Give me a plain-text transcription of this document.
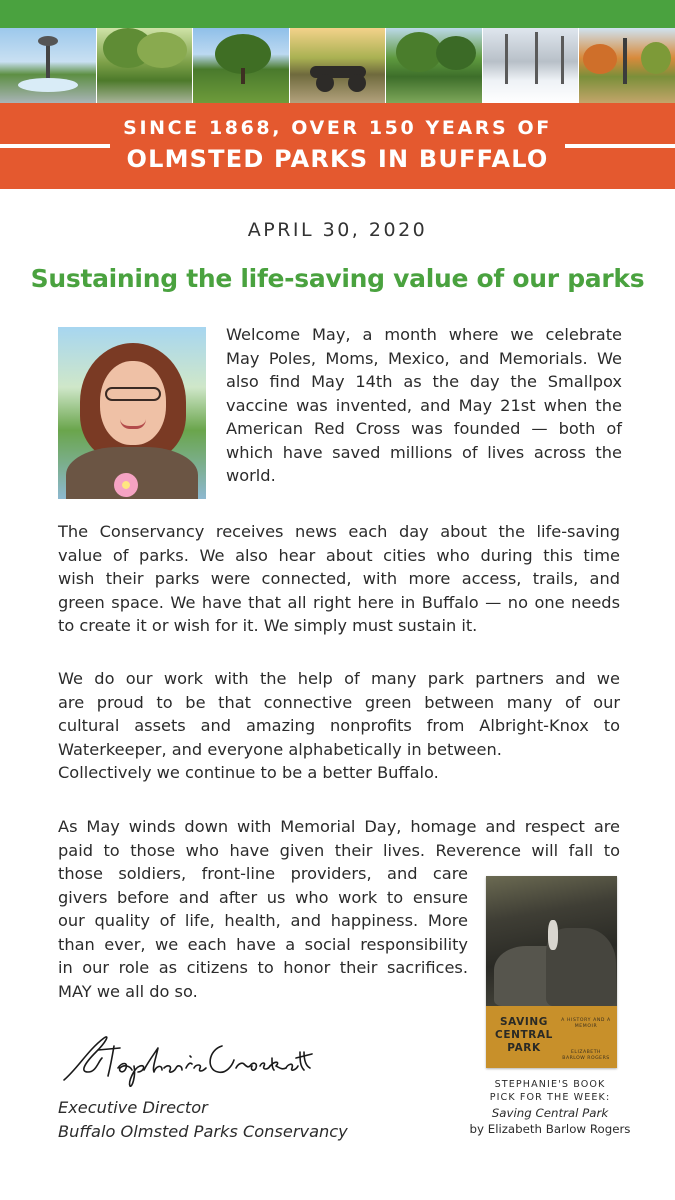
SINCE 1868, OVER 150 YEARS OF
OLMSTED PARKS IN BUFFALO
APRIL 30, 2020
Sustaining the life-saving value of our parks
Welcome May, a month where we celebrate
May Poles, Moms, Mexico, and Memorials. We
also find May 14th as the day the Smallpox
vaccine was invented, and May 21st when the
American Red Cross was founded — both of
which have saved millions of lives across the
world.
The Conservancy receives news each day about the life-saving
value of parks. We also hear about cities who during this time
wish their parks were connected, with more access, trails, and
green space. We have that all right here in Buffalo — no one needs
to create it or wish for it. We simply must sustain it.
We do our work with the help of many park partners and we
are proud to be that connective green between many of our
cultural assets and amazing nonprofits from Albright-Knox to
Waterkeeper, and everyone alphabetically in between.
Collectively we continue to be a better Buffalo.
As May winds down with Memorial Day, homage and respect are
paid to those who have given their lives. Reverence will fall to
those soldiers, front-line providers, and care
givers before and after us who work to ensure
our quality of life, health, and happiness. More
than ever, we each have a social responsibility
in our role as citizens to honor their sacrifices.
MAY we all do so.
SAVING CENTRAL PARK
A HISTORY AND A MEMOIR
ELIZABETH BARLOW ROGERS
STEPHANIE'S BOOK
PICK FOR THE WEEK:
Saving Central Park
by Elizabeth Barlow Rogers
Executive Director
Buffalo Olmsted Parks Conservancy
